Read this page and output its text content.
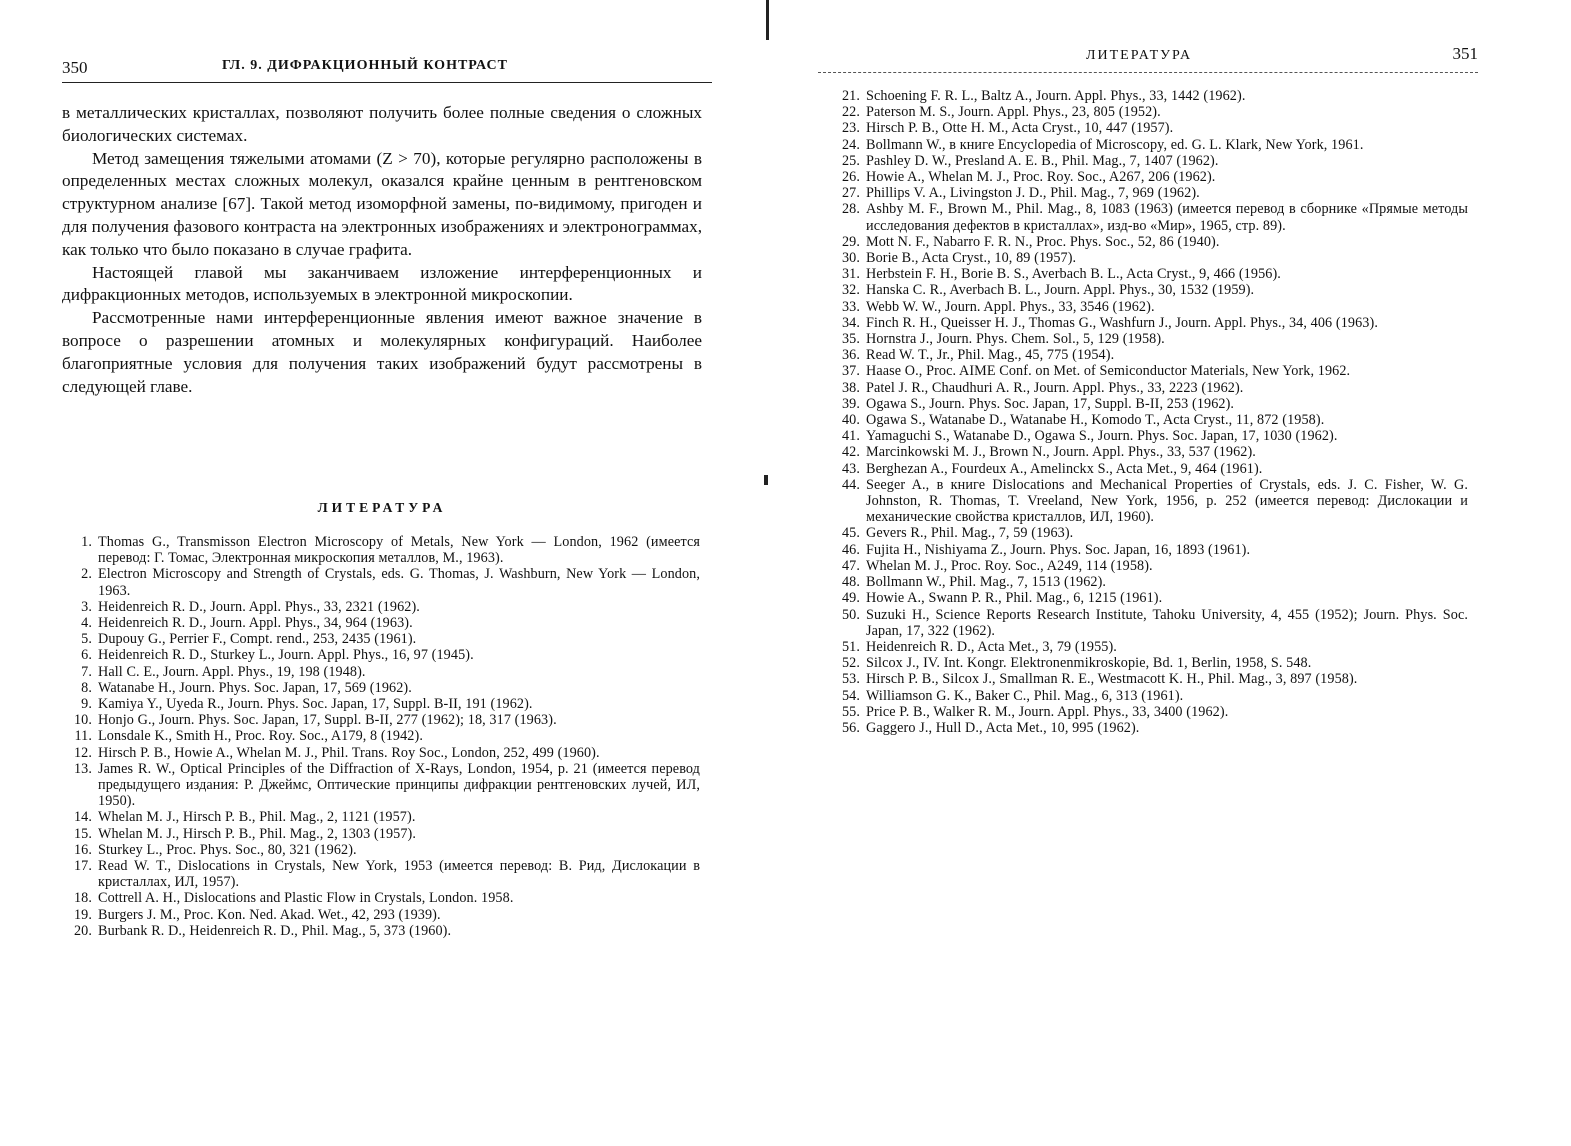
350	ГЛ. 9. ДИФРАКЦИОННЫЙ КОНТРАСТ

в металлических кристаллах, позволяют получить более полные сведения о сложных биологических системах.

Метод замещения тяжелыми атомами (Z > 70), которые регулярно расположены в определенных местах сложных молекул, оказался крайне ценным в рентгеновском структурном анализе [67]. Такой метод изоморфной замены, по-видимому, пригоден и для получения фазового контраста на электронных изображениях и электронограммах, как только что было показано в случае графита.

Настоящей главой мы заканчиваем изложение интерференционных и дифракционных методов, используемых в электронной микроскопии.

Рассмотренные нами интерференционные явления имеют важное значение в вопросе о разрешении атомных и молекулярных конфигураций. Наиболее благоприятные условия для получения таких изображений будут рассмотрены в следующей главе.

ЛИТЕРАТУРА
1. Thomas G., Transmisson Electron Microscopy of Metals, New York — London, 1962 (имеется перевод: Г. Томас, Электронная микроскопия металлов, М., 1963).
2. Electron Microscopy and Strength of Crystals, eds. G. Thomas, J. Washburn, New York — London, 1963.
3. Heidenreich R. D., Journ. Appl. Phys., 33, 2321 (1962).
4. Heidenreich R. D., Journ. Appl. Phys., 34, 964 (1963).
5. Dupouy G., Perrier F., Compt. rend., 253, 2435 (1961).
6. Heidenreich R. D., Sturkey L., Journ. Appl. Phys., 16, 97 (1945).
7. Hall C. E., Journ. Appl. Phys., 19, 198 (1948).
8. Watanabe H., Journ. Phys. Soc. Japan, 17, 569 (1962).
9. Kamiya Y., Uyeda R., Journ. Phys. Soc. Japan, 17, Suppl. B-II, 191 (1962).
10. Honjo G., Journ. Phys. Soc. Japan, 17, Suppl. B-II, 277 (1962); 18, 317 (1963).
11. Lonsdale K., Smith H., Proc. Roy. Soc., A179, 8 (1942).
12. Hirsch P. B., Howie A., Whelan M. J., Phil. Trans. Roy Soc., London, 252, 499 (1960).
13. James R. W., Optical Principles of the Diffraction of X-Rays, London, 1954, p. 21 (имеется перевод предыдущего издания: Р. Джеймс, Оптические принципы дифракции рентгеновских лучей, ИЛ, 1950).
14. Whelan M. J., Hirsch P. B., Phil. Mag., 2, 1121 (1957).
15. Whelan M. J., Hirsch P. B., Phil. Mag., 2, 1303 (1957).
16. Sturkey L., Proc. Phys. Soc., 80, 321 (1962).
17. Read W. T., Dislocations in Crystals, New York, 1953 (имеется перевод: В. Рид, Дислокации в кристаллах, ИЛ, 1957).
18. Cottrell A. H., Dislocations and Plastic Flow in Crystals, London. 1958.
19. Burgers J. M., Proc. Kon. Ned. Akad. Wet., 42, 293 (1939).
20. Burbank R. D., Heidenreich R. D., Phil. Mag., 5, 373 (1960).
ЛИТЕРАТУРА	351
21. Schoening F. R. L., Baltz A., Journ. Appl. Phys., 33, 1442 (1962).
22. Paterson M. S., Journ. Appl. Phys., 23, 805 (1952).
23. Hirsch P. B., Otte H. M., Acta Cryst., 10, 447 (1957).
24. Bollmann W., в книге Encyclopedia of Microscopy, ed. G. L. Klark, New York, 1961.
25. Pashley D. W., Presland A. E. B., Phil. Mag., 7, 1407 (1962).
26. Howie A., Whelan M. J., Proc. Roy. Soc., A267, 206 (1962).
27. Phillips V. A., Livingston J. D., Phil. Mag., 7, 969 (1962).
28. Ashby M. F., Brown M., Phil. Mag., 8, 1083 (1963) (имеется перевод в сборнике «Прямые методы исследования дефектов в кристаллах», изд-во «Мир», 1965, стр. 89).
29. Mott N. F., Nabarro F. R. N., Proc. Phys. Soc., 52, 86 (1940).
30. Borie B., Acta Cryst., 10, 89 (1957).
31. Herbstein F. H., Borie B. S., Averbach B. L., Acta Cryst., 9, 466 (1956).
32. Hanska C. R., Averbach B. L., Journ. Appl. Phys., 30, 1532 (1959).
33. Webb W. W., Journ. Appl. Phys., 33, 3546 (1962).
34. Finch R. H., Queisser H. J., Thomas G., Washfurn J., Journ. Appl. Phys., 34, 406 (1963).
35. Hornstra J., Journ. Phys. Chem. Sol., 5, 129 (1958).
36. Read W. T., Jr., Phil. Mag., 45, 775 (1954).
37. Haase O., Proc. AIME Conf. on Met. of Semiconductor Materials, New York, 1962.
38. Patel J. R., Chaudhuri A. R., Journ. Appl. Phys., 33, 2223 (1962).
39. Ogawa S., Journ. Phys. Soc. Japan, 17, Suppl. B-II, 253 (1962).
40. Ogawa S., Watanabe D., Watanabe H., Komodo T., Acta Cryst., 11, 872 (1958).
41. Yamaguchi S., Watanabe D., Ogawa S., Journ. Phys. Soc. Japan, 17, 1030 (1962).
42. Marcinkowski M. J., Brown N., Journ. Appl. Phys., 33, 537 (1962).
43. Berghezan A., Fourdeux A., Amelinckx S., Acta Met., 9, 464 (1961).
44. Seeger A., в книге Dislocations and Mechanical Properties of Crystals, eds. J. C. Fisher, W. G. Johnston, R. Thomas, T. Vreeland, New York, 1956, p. 252 (имеется перевод: Дислокации и механические свойства кристаллов, ИЛ, 1960).
45. Gevers R., Phil. Mag., 7, 59 (1963).
46. Fujita H., Nishiyama Z., Journ. Phys. Soc. Japan, 16, 1893 (1961).
47. Whelan M. J., Proc. Roy. Soc., A249, 114 (1958).
48. Bollmann W., Phil. Mag., 7, 1513 (1962).
49. Howie A., Swann P. R., Phil. Mag., 6, 1215 (1961).
50. Suzuki H., Science Reports Research Institute, Tahoku University, 4, 455 (1952); Journ. Phys. Soc. Japan, 17, 322 (1962).
51. Heidenreich R. D., Acta Met., 3, 79 (1955).
52. Silcox J., IV. Int. Kongr. Elektronenmikroskopie, Bd. 1, Berlin, 1958, S. 548.
53. Hirsch P. B., Silcox J., Smallman R. E., Westmacott K. H., Phil. Mag., 3, 897 (1958).
54. Williamson G. K., Baker C., Phil. Mag., 6, 313 (1961).
55. Price P. B., Walker R. M., Journ. Appl. Phys., 33, 3400 (1962).
56. Gaggero J., Hull D., Acta Met., 10, 995 (1962).
